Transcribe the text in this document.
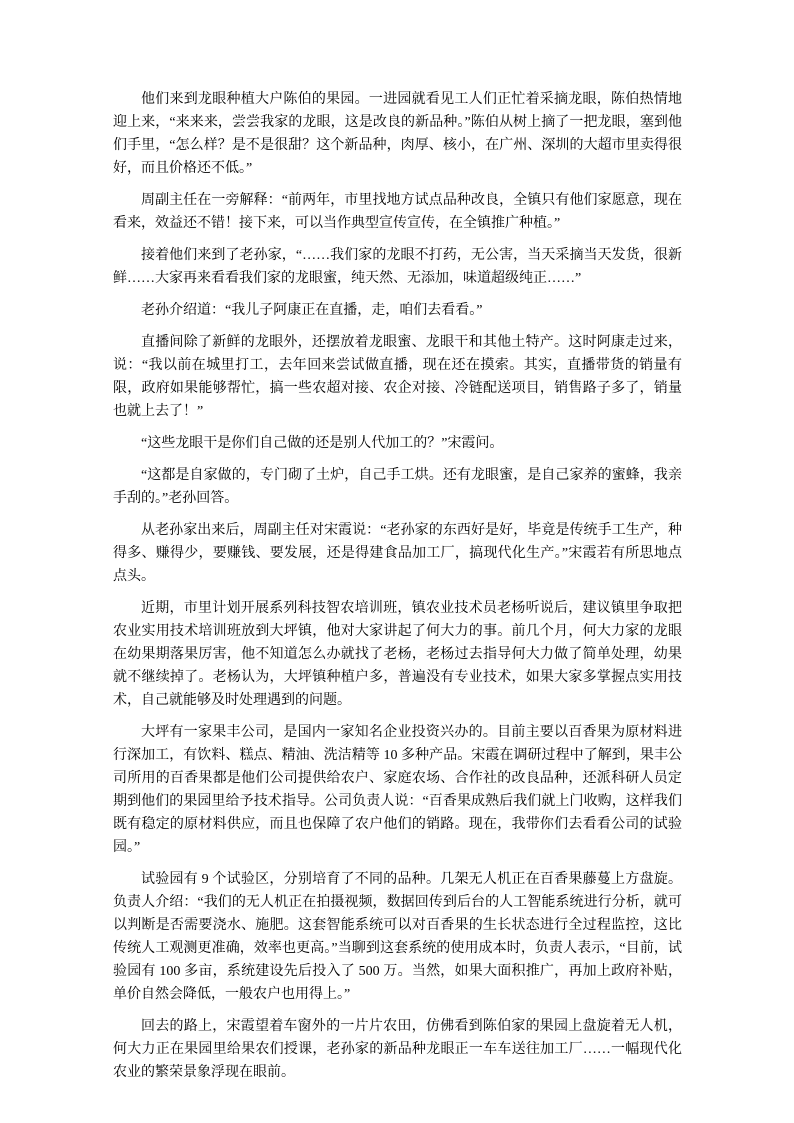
他们来到龙眼种植大户陈伯的果园。一进园就看见工人们正忙着采摘龙眼，陈伯热情地迎上来，“来来来，尝尝我家的龙眼，这是改良的新品种。”陈伯从树上摘了一把龙眼，塞到他们手里，“怎么样？是不是很甜？这个新品种，肉厚、核小，在广州、深圳的大超市里卖得很好，而且价格还不低。”

周副主任在一旁解释：“前两年，市里找地方试点品种改良，全镇只有他们家愿意，现在看来，效益还不错！接下来，可以当作典型宣传宣传，在全镇推广种植。”

接着他们来到了老孙家，“……我们家的龙眼不打药，无公害，当天采摘当天发货，很新鲜……大家再来看看我们家的龙眼蜜，纯天然、无添加，味道超级纯正……”

老孙介绍道：“我儿子阿康正在直播，走，咱们去看看。”

直播间除了新鲜的龙眼外，还摆放着龙眼蜜、龙眼干和其他土特产。这时阿康走过来，说：“我以前在城里打工，去年回来尝试做直播，现在还在摸索。其实，直播带货的销量有限，政府如果能够帮忙，搞一些农超对接、农企对接、冷链配送项目，销售路子多了，销量也就上去了！”

“这些龙眼干是你们自己做的还是别人代加工的？”宋霞问。

“这都是自家做的，专门砌了土炉，自己手工烘。还有龙眼蜜，是自己家养的蜜蜂，我亲手刮的。”老孙回答。

从老孙家出来后，周副主任对宋霞说：“老孙家的东西好是好，毕竟是传统手工生产，种得多、赚得少，要赚钱、要发展，还是得建食品加工厂，搞现代化生产。”宋霞若有所思地点点头。

近期，市里计划开展系列科技智农培训班，镇农业技术员老杨听说后，建议镇里争取把农业实用技术培训班放到大坪镇，他对大家讲起了何大力的事。前几个月，何大力家的龙眼在幼果期落果厉害，他不知道怎么办就找了老杨，老杨过去指导何大力做了简单处理，幼果就不继续掉了。老杨认为，大坪镇种植户多，普遍没有专业技术，如果大家多掌握点实用技术，自己就能够及时处理遇到的问题。

大坪有一家果丰公司，是国内一家知名企业投资兴办的。目前主要以百香果为原材料进行深加工，有饮料、糕点、精油、洗洁精等 10 多种产品。宋霞在调研过程中了解到，果丰公司所用的百香果都是他们公司提供给农户、家庭农场、合作社的改良品种，还派科研人员定期到他们的果园里给予技术指导。公司负责人说：“百香果成熟后我们就上门收购，这样我们既有稳定的原材料供应，而且也保障了农户他们的销路。现在，我带你们去看看公司的试验园。”

试验园有 9 个试验区，分别培育了不同的品种。几架无人机正在百香果藤蔓上方盘旋。负责人介绍：“我们的无人机正在拍摄视频，数据回传到后台的人工智能系统进行分析，就可以判断是否需要浇水、施肥。这套智能系统可以对百香果的生长状态进行全过程监控，这比传统人工观测更准确，效率也更高。”当聊到这套系统的使用成本时，负责人表示，“目前，试验园有 100 多亩，系统建设先后投入了 500 万。当然，如果大面积推广，再加上政府补贴，单价自然会降低，一般农户也用得上。”

回去的路上，宋霞望着车窗外的一片片农田，仿佛看到陈伯家的果园上盘旋着无人机，何大力正在果园里给果农们授课，老孙家的新品种龙眼正一车车送往加工厂……一幅现代化农业的繁荣景象浮现在眼前。
